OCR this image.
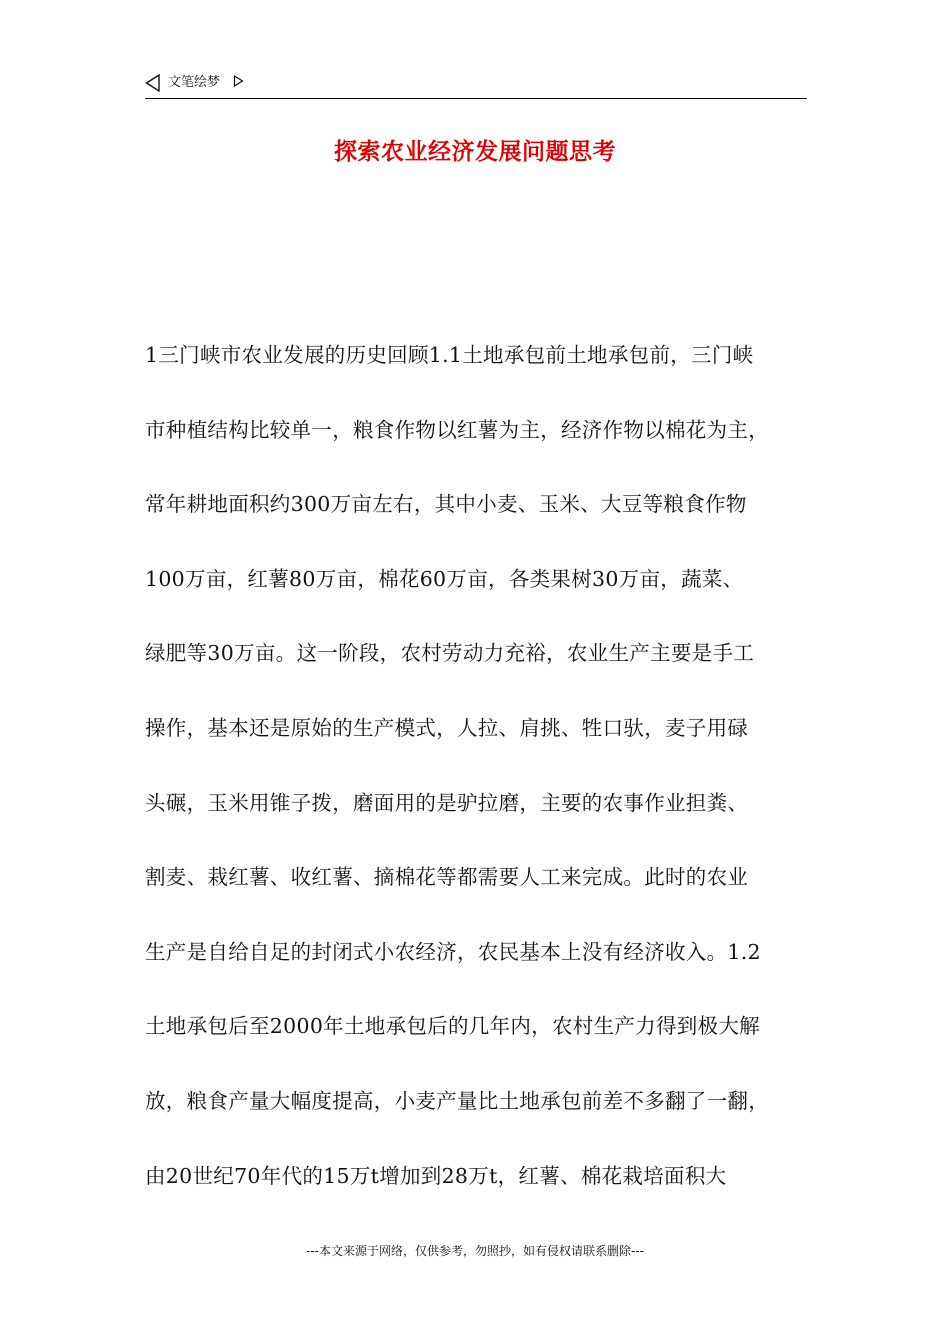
文笔绘梦
探索农业经济发展问题思考
1三门峡市农业发展的历史回顾1.1土地承包前土地承包前，三门峡
市种植结构比较单一，粮食作物以红薯为主，经济作物以棉花为主，
常年耕地面积约300万亩左右，其中小麦、玉米、大豆等粮食作物
100万亩，红薯80万亩，棉花60万亩，各类果树30万亩，蔬菜、
绿肥等30万亩。这一阶段，农村劳动力充裕，农业生产主要是手工
操作，基本还是原始的生产模式，人拉、肩挑、牲口驮，麦子用碌
头碾，玉米用锥子拨，磨面用的是驴拉磨，主要的农事作业担粪、
割麦、栽红薯、收红薯、摘棉花等都需要人工来完成。此时的农业
生产是自给自足的封闭式小农经济，农民基本上没有经济收入。1.2
土地承包后至2000年土地承包后的几年内，农村生产力得到极大解
放，粮食产量大幅度提高，小麦产量比土地承包前差不多翻了一翻，
由20世纪70年代的15万t增加到28万t，红薯、棉花栽培面积大
---本文来源于网络，仅供参考，勿照抄，如有侵权请联系删除---
